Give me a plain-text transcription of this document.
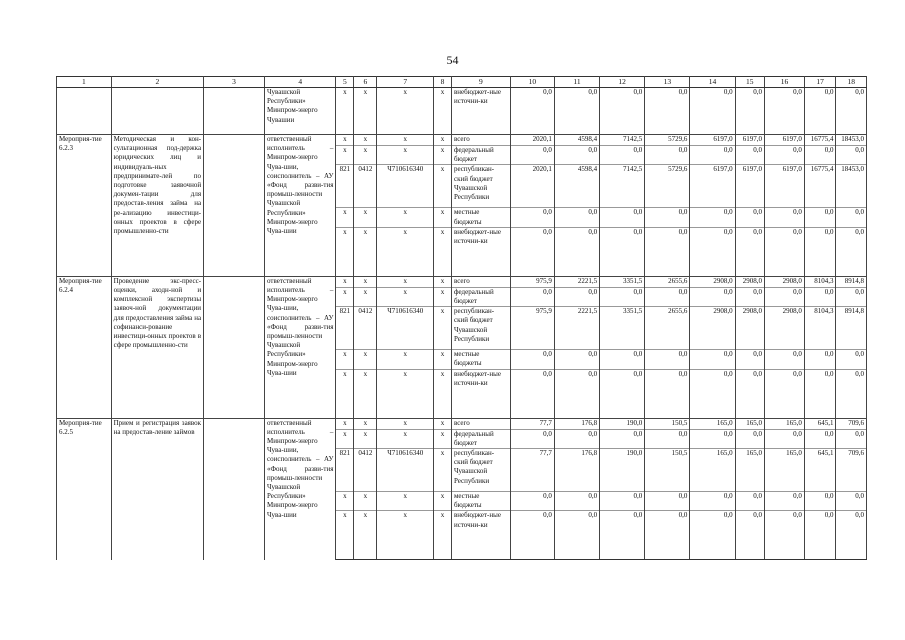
54
1	2	3	4	5	6	7	8	9	10	11	12	13	14	15	16	17	18
			Чувашской Республики» Минпром-энерго Чувашии	x	x	x	x	внебюджет-ные источни-ки	0,0	0,0	0,0	0,0	0,0	0,0	0,0	0,0	0,0
Мероприя-тие 6.2.3	Методическая и кон-сультационная под-держка юридических лиц и индивидуаль-ных предпринимате-лей по подготовке заявочной докумен-тации для предостав-ления займа на ре-ализацию инвестици-онных проектов в сфере промышленно-сти		ответственный исполнитель – Минпром-энерго Чува-шии, соисполнитель – АУ «Фонд разви-тия промыш-ленности Чувашской Республики» Минпром-энерго Чува-шии	x	x	x	x	всего	2020,1	4598,4	7142,5	5729,6	6197,0	6197,0	6197,0	16775,4	18453,0
				x	x	x	x	федеральный бюджет	0,0	0,0	0,0	0,0	0,0	0,0	0,0	0,0	0,0
				821	0412	Ч710616340	x	республикан-ский бюджет Чувашской Республики	2020,1	4598,4	7142,5	5729,6	6197,0	6197,0	6197,0	16775,4	18453,0
				x	x	x	x	местные бюджеты	0,0	0,0	0,0	0,0	0,0	0,0	0,0	0,0	0,0
				x	x	x	x	внебюджет-ные источни-ки	0,0	0,0	0,0	0,0	0,0	0,0	0,0	0,0	0,0
Мероприя-тие 6.2.4	Проведение экс-пресс-оценки, аходн-ной и комплексной экспертизы заявоч-ной документации для предоставления займа на софинанси-рование инвестици-онных проектов в сфере промышленно-сти		ответственный исполнитель – Минпром-энерго Чува-шии, соисполнитель – АУ «Фонд разви-тия промыш-ленности Чувашской Республики» Минпром-энерго Чува-шии	x	x	x	x	всего	975,9	2221,5	3351,5	2655,6	2908,0	2908,0	2908,0	8104,3	8914,8
				x	x	x	x	федеральный бюджет	0,0	0,0	0,0	0,0	0,0	0,0	0,0	0,0	0,0
				821	0412	Ч710616340	x	республикан-ский бюджет Чувашской Республики	975,9	2221,5	3351,5	2655,6	2908,0	2908,0	2908,0	8104,3	8914,8
				x	x	x	x	местные бюджеты	0,0	0,0	0,0	0,0	0,0	0,0	0,0	0,0	0,0
				x	x	x	x	внебюджет-ные источни-ки	0,0	0,0	0,0	0,0	0,0	0,0	0,0	0,0	0,0
Мероприя-тие 6.2.5	Прием и регистрация заявок на предостав-ление займов		ответственный исполнитель – Минпром-энерго Чува-шии, соисполнитель – АУ «Фонд разви-тия промыш-ленности Чувашской Республики» Минпром-энерго Чува-шии	x	x	x	x	всего	77,7	176,8	190,0	150,5	165,0	165,0	165,0	645,1	709,6
				x	x	x	x	федеральный бюджет	0,0	0,0	0,0	0,0	0,0	0,0	0,0	0,0	0,0
				821	0412	Ч710616340	x	республикан-ский бюджет Чувашской Республики	77,7	176,8	190,0	150,5	165,0	165,0	165,0	645,1	709,6
				x	x	x	x	местные бюджеты	0,0	0,0	0,0	0,0	0,0	0,0	0,0	0,0	0,0
				x	x	x	x	внебюджет-ные источни-ки	0,0	0,0	0,0	0,0	0,0	0,0	0,0	0,0	0,0
